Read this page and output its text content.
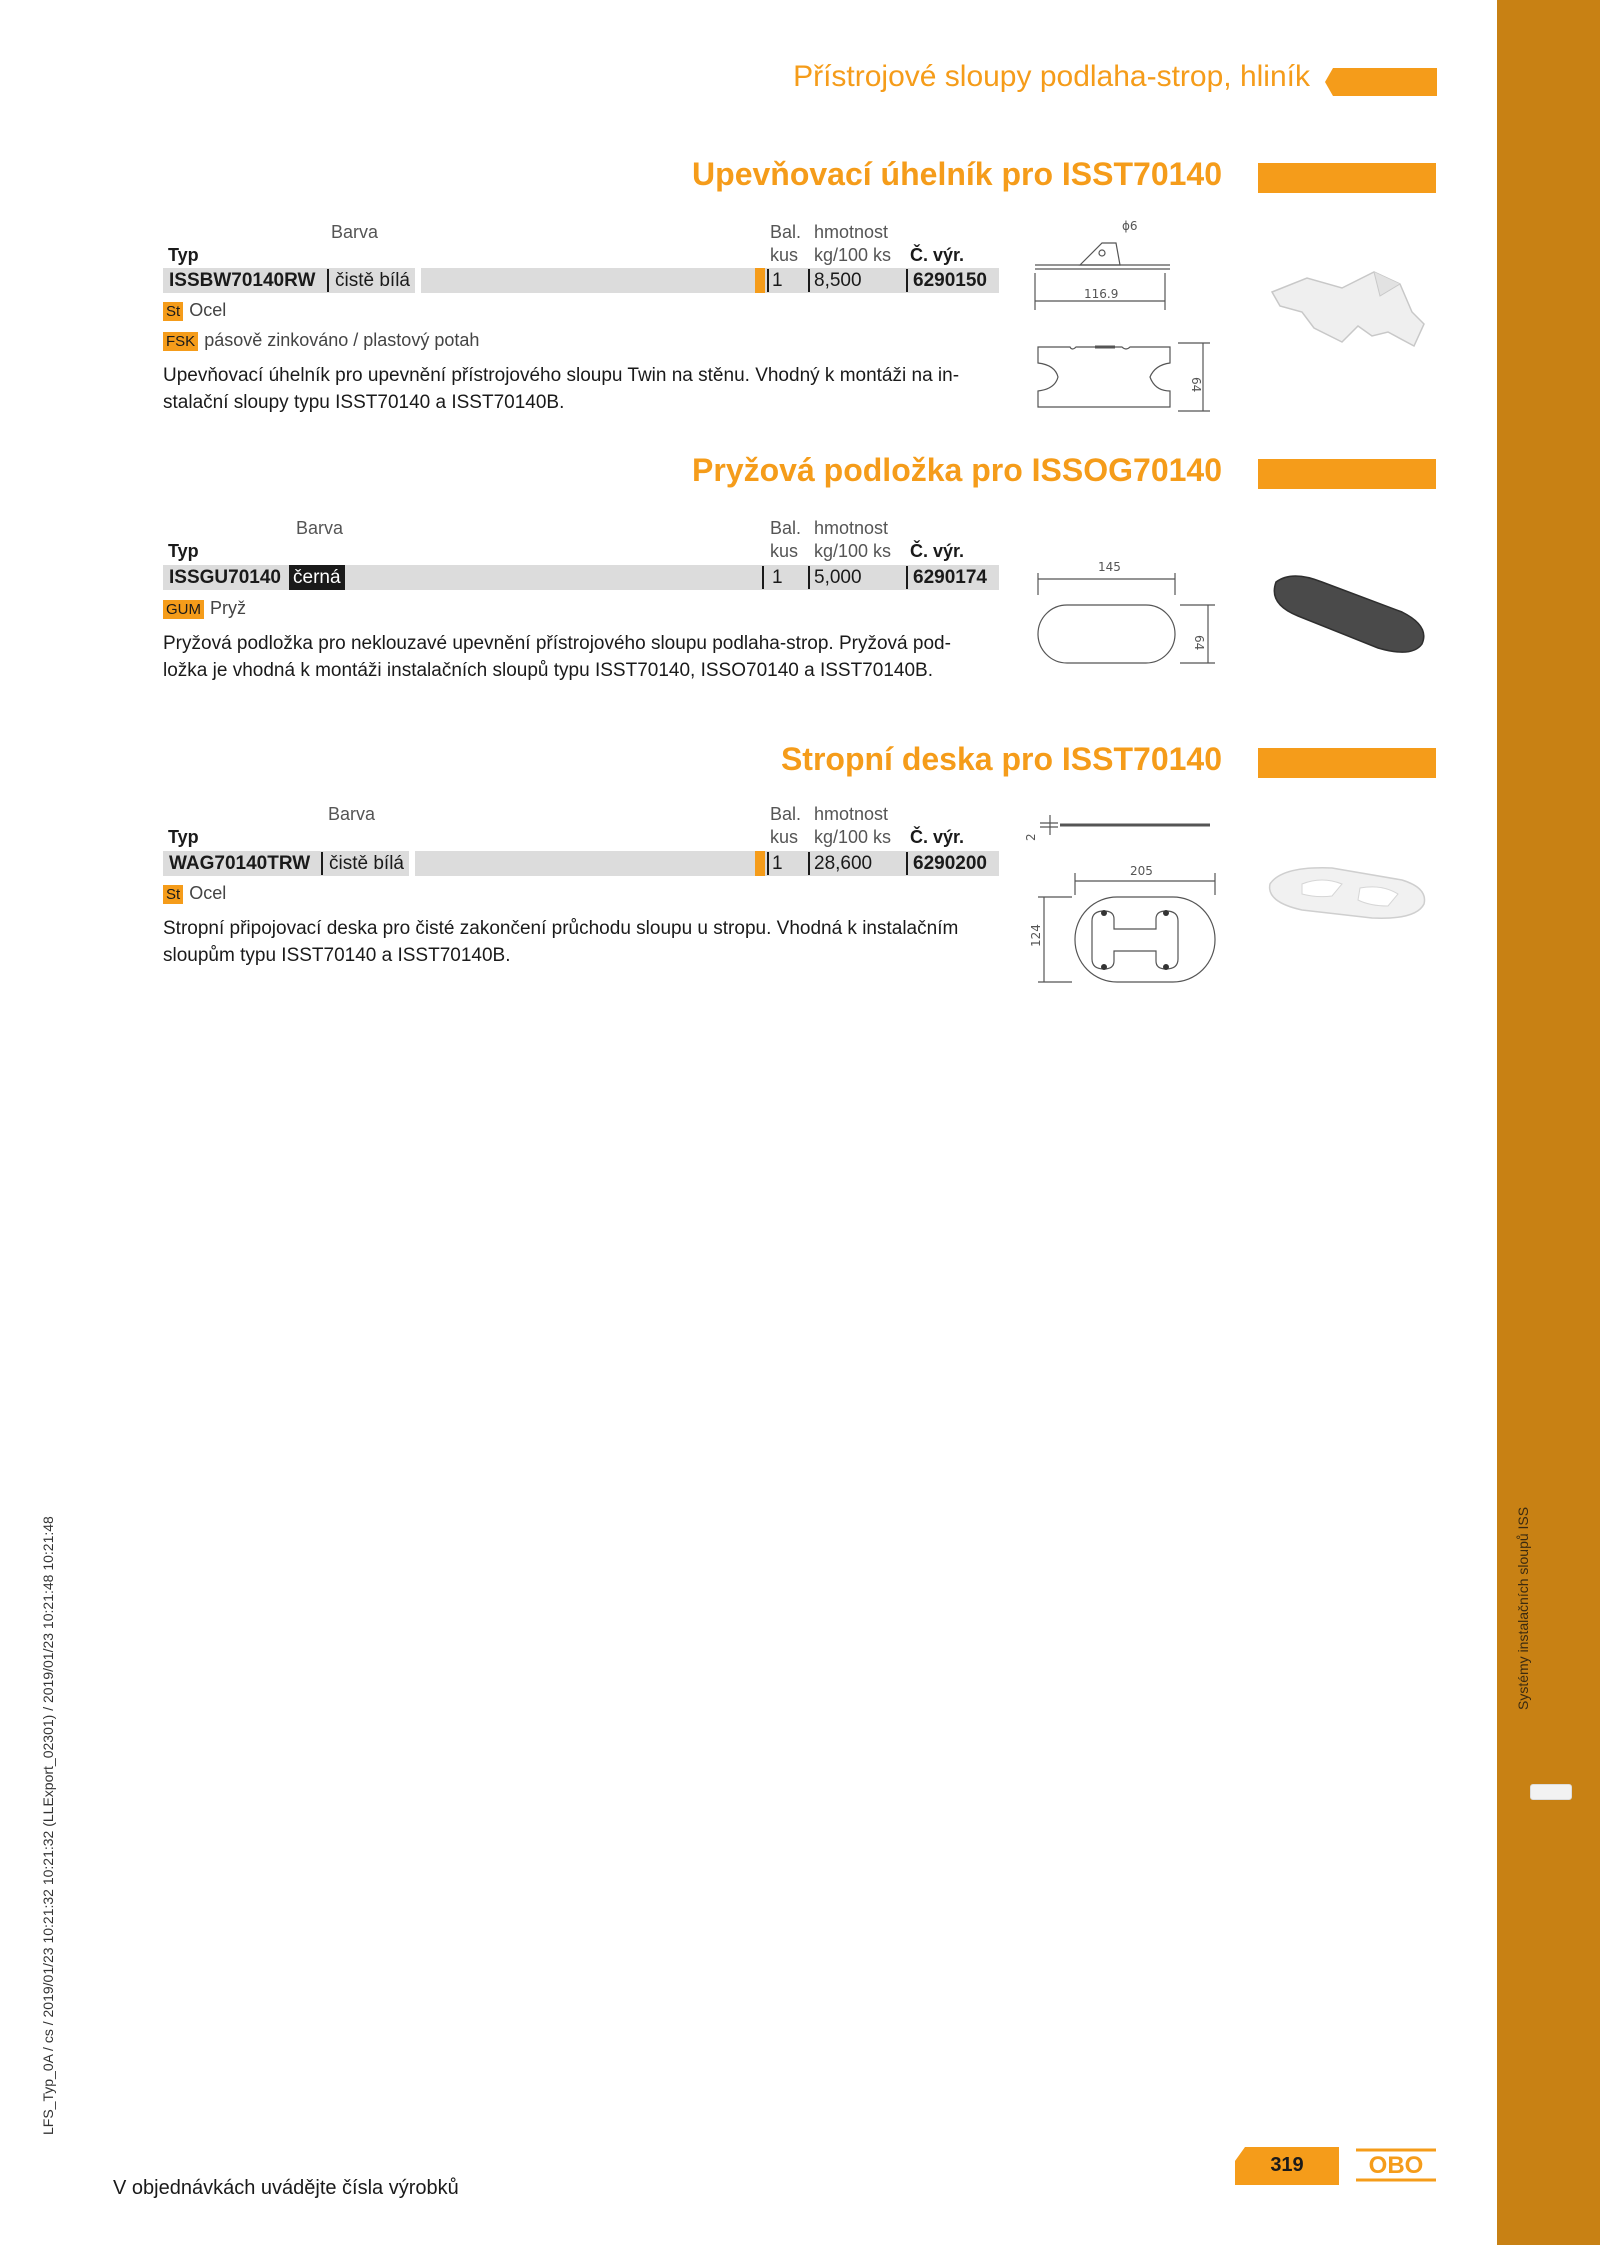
Přístrojové sloupy podlaha-strop, hliník
Upevňovací úhelník pro ISST70140
Barva
Typ
Bal.
kus
hmotnost
kg/100 ks Č. výr.
ISSBW70140RW čistě bílá	1 8,500	6290150
St Ocel
FSK pásově zinkováno / plastový potah
Upevňovací úhelník pro upevnění přístrojového sloupu Twin na stěnu. Vhodný k montáži na in-
stalační sloupy typu ISST70140 a ISST70140B.
ϕ6
116.9
64
Pryžová podložka pro ISSOG70140
Barva
Typ
Bal.
kus
hmotnost
kg/100 ks Č. výr.
ISSGU70140 černá	1 5,000	6290174
GUM Pryž
Pryžová podložka pro neklouzavé upevnění přístrojového sloupu podlaha-strop. Pryžová pod-
ložka je vhodná k montáži instalačních sloupů typu ISST70140, ISSO70140 a ISST70140B.
145
64
Stropní deska pro ISST70140
Barva
Typ
Bal.
kus
hmotnost
kg/100 ks Č. výr.
WAG70140TRW čistě bílá	1 28,600 6290200
St Ocel
Stropní připojovací deska pro čisté zakončení průchodu sloupu u stropu. Vhodná k instalačním
sloupům typu ISST70140 a ISST70140B.
2
205
124
LFS_Typ_0A / cs / 2019/01/23 10:21:32 10:21:32 (LLExport_02301) / 2019/01/23 10:21:48 10:21:48
V objednávkách uvádějte čísla výrobků
319	OBO
